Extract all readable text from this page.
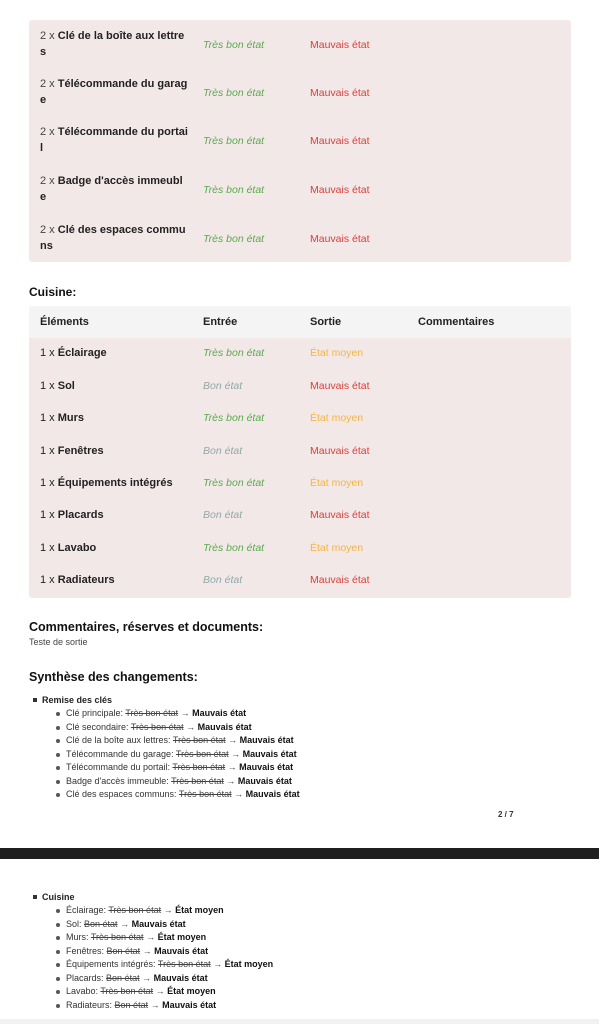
2 x Clé de la boîte aux lettre
s
Très bon état	Mauvais état
2 x Télécommande du garag
e
Très bon état	Mauvais état
2 x Télécommande du portai
l
Très bon état	Mauvais état
2 x Badge d'accès immeubl
e
Très bon état	Mauvais état
2 x Clé des espaces commu
ns
Très bon état	Mauvais état
Cuisine:
Éléments	Entrée	Sortie	Commentaires
1 x Éclairage	Très bon état	État moyen
1 x Sol	Bon état	Mauvais état
1 x Murs	Très bon état	État moyen
1 x Fenêtres	Bon état	Mauvais état
1 x Équipements intégrés	Très bon état	État moyen
1 x Placards	Bon état	Mauvais état
1 x Lavabo	Très bon état	État moyen
1 x Radiateurs	Bon état	Mauvais état
Commentaires, réserves et documents:
Teste de sortie
Synthèse des changements:
Remise des clés
Clé principale: Très bon état → Mauvais état
Clé secondaire: Très bon état → Mauvais état
Clé de la boîte aux lettres: Très bon état → Mauvais état
Télécommande du garage: Très bon état → Mauvais état
Télécommande du portail: Très bon état → Mauvais état
Badge d'accès immeuble: Très bon état → Mauvais état
Clé des espaces communs: Très bon état → Mauvais état
2 / 7
Cuisine
Éclairage: Très bon état → État moyen
Sol: Bon état → Mauvais état
Murs: Très bon état → État moyen
Fenêtres: Bon état → Mauvais état
Équipements intégrés: Très bon état → État moyen
Placards: Bon état → Mauvais état
Lavabo: Très bon état → État moyen
Radiateurs: Bon état → Mauvais état
